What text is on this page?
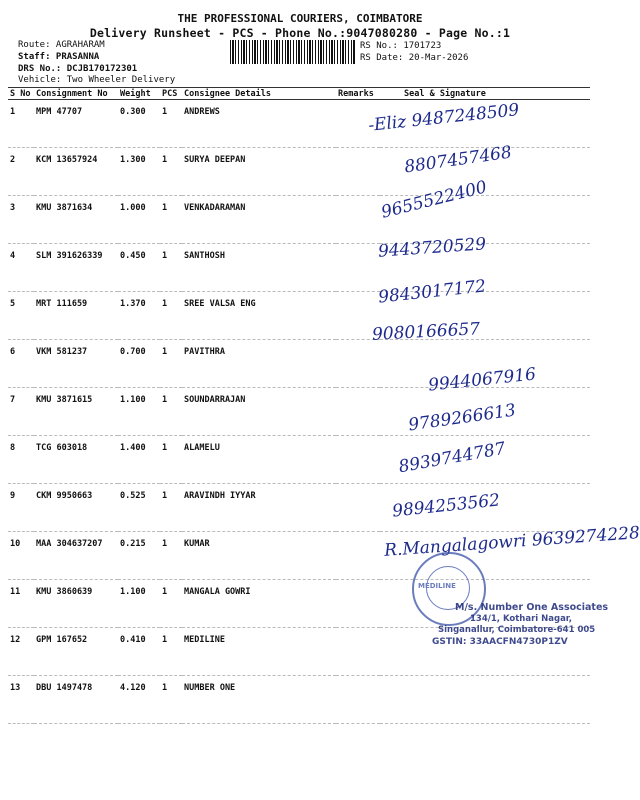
THE PROFESSIONAL COURIERS, COIMBATORE
Delivery Runsheet - PCS - Phone No.:9047080280 - Page No.:1
Route: AGRAHARAM
Staff: PRASANNA
DRS No.: DCJB170172301
Vehicle: Two Wheeler Delivery
RS No.: 1701723
RS Date: 20-Mar-2026
S No	Consignment No	Weight	PCS	Consignee Details	Remarks	Seal & Signature
1	MPM 47707	0.300	1	ANDREWS		
2	KCM 13657924	1.300	1	SURYA DEEPAN		
3	KMU 3871634	1.000	1	VENKADARAMAN		
4	SLM 391626339	0.450	1	SANTHOSH		
5	MRT 111659	1.370	1	SREE VALSA ENG		
6	VKM 581237	0.700	1	PAVITHRA		
7	KMU 3871615	1.100	1	SOUNDARRAJAN		
8	TCG 603018	1.400	1	ALAMELU		
9	CKM 9950663	0.525	1	ARAVINDH IYYAR		
10	MAA 304637207	0.215	1	KUMAR		
11	KMU 3860639	1.100	1	MANGALA GOWRI		
12	GPM 167652	0.410	1	MEDILINE		
13	DBU 1497478	4.120	1	NUMBER ONE		
-Eliz 9487248509
8807457468
9655522400
9443720529
9843017172
9080166657
9944067916
9789266613
8939744787
9894253562
R.Mangalagowri 9639274228
MEDILINE
M/s. Number One Associates
134/1, Kothari Nagar,
Singanallur, Coimbatore-641 005
GSTIN: 33AACFN4730P1ZV
